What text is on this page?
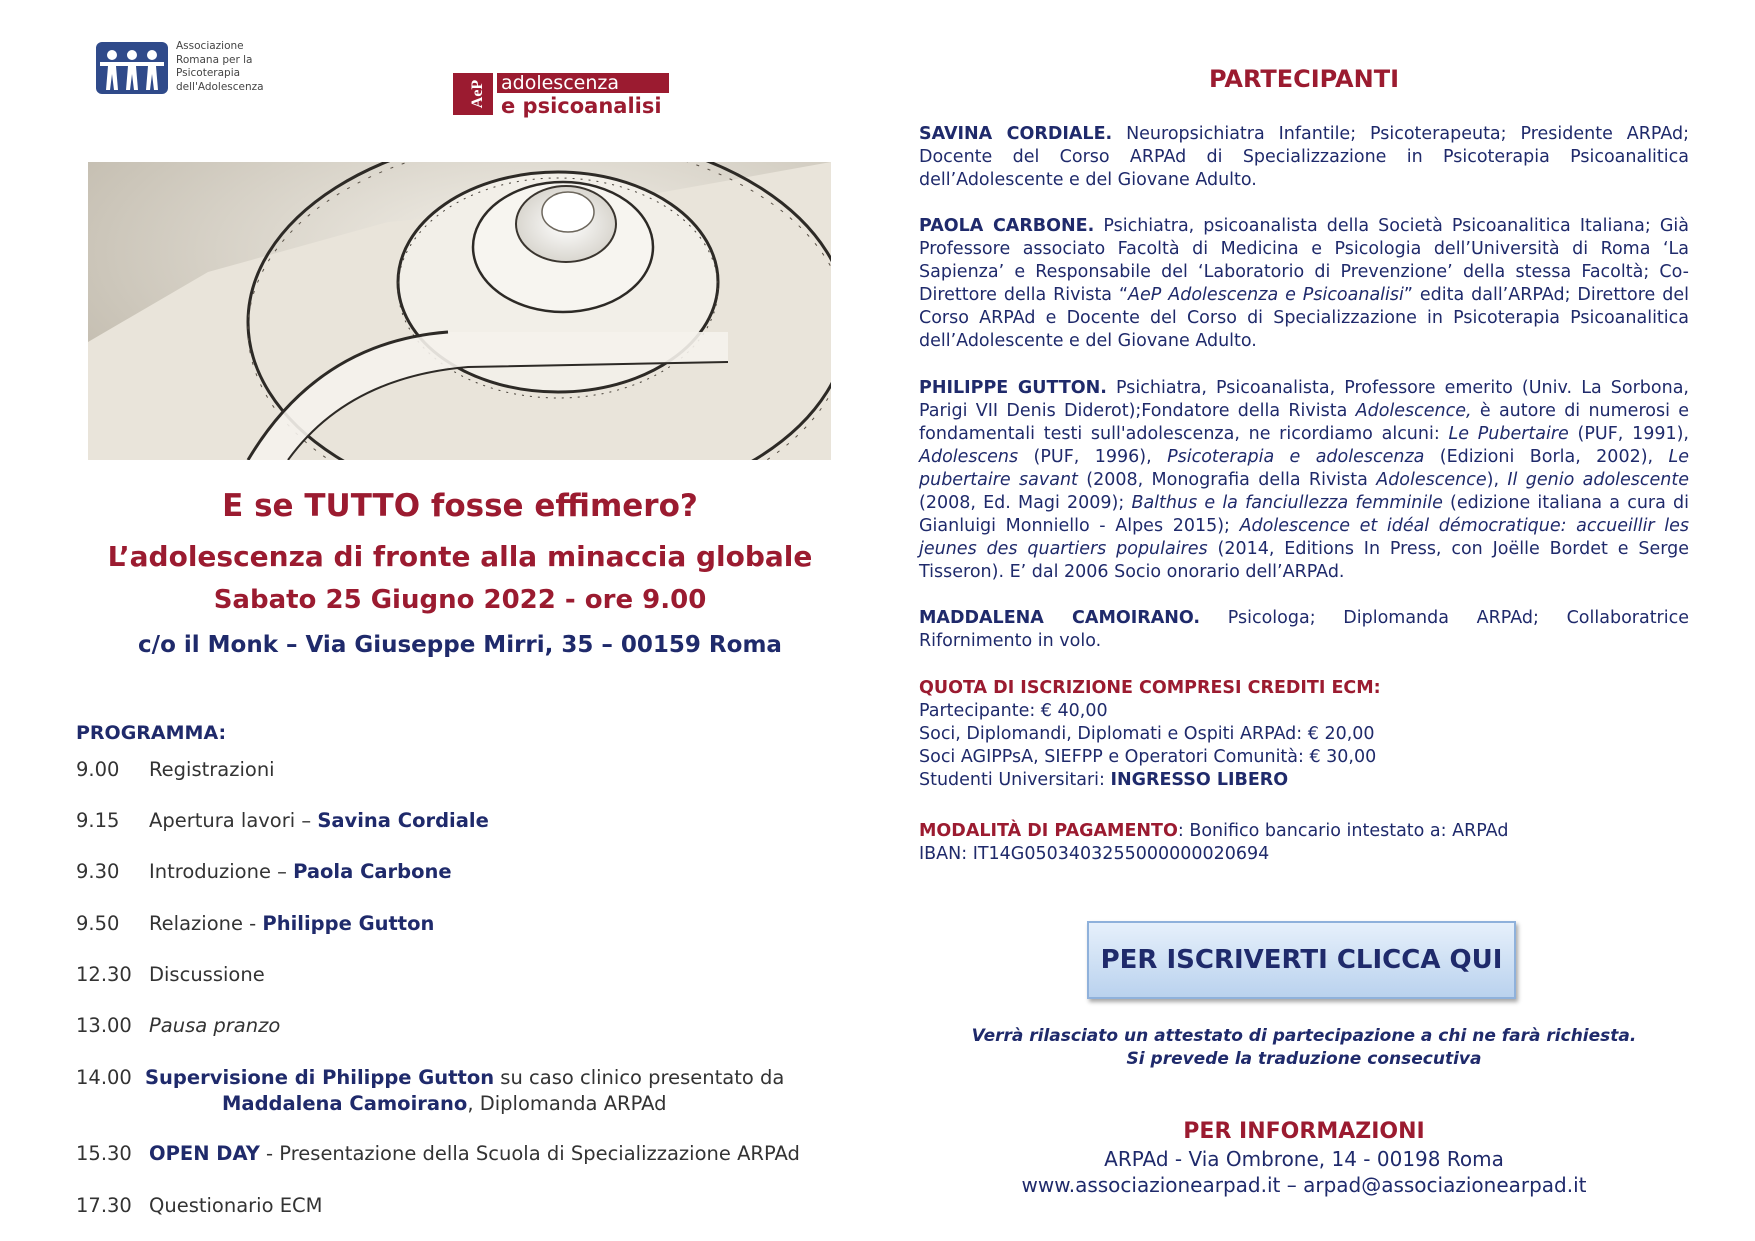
Associazione
Romana per la
Psicoterapia
dell'Adolescenza	AeP adolescenza
e psicoanalisi
E se TUTTO fosse effimero?
L’adolescenza di fronte alla minaccia globale
Sabato 25 Giugno 2022 - ore 9.00
c/o il Monk – Via Giuseppe Mirri, 35 – 00159 Roma
PROGRAMMA:
9.00 Registrazioni
9.15 Apertura lavori – Savina Cordiale
9.30 Introduzione – Paola Carbone
9.50 Relazione - Philippe Gutton
12.30 Discussione
13.00 Pausa pranzo
14.00 Supervisione di Philippe Gutton su caso clinico presentato da
Maddalena Camoirano, Diplomanda ARPAd
15.30 OPEN DAY - Presentazione della Scuola di Specializzazione ARPAd
17.30 Questionario ECM
PARTECIPANTI
SAVINA CORDIALE. Neuropsichiatra Infantile; Psicoterapeuta; Presidente ARPAd; Docente del Corso ARPAd di Specializzazione in Psicoterapia Psicoanalitica dell’Adolescente e del Giovane Adulto.
PAOLA CARBONE. Psichiatra, psicoanalista della Società Psicoanalitica Italiana; Già Professore associato Facoltà di Medicina e Psicologia dell’Università di Roma ‘La Sapienza’ e Responsabile del ‘Laboratorio di Prevenzione’ della stessa Facoltà; Co-Direttore della Rivista “AeP Adolescenza e Psicoanalisi” edita dall’ARPAd; Direttore del Corso ARPAd e Docente del Corso di Specializzazione in Psicoterapia Psicoanalitica dell’Adolescente e del Giovane Adulto.
PHILIPPE GUTTON. Psichiatra, Psicoanalista, Professore emerito (Univ. La Sorbona, Parigi VII Denis Diderot);Fondatore della Rivista Adolescence, è autore di numerosi e fondamentali testi sull'adolescenza, ne ricordiamo alcuni: Le Pubertaire (PUF, 1991), Adolescens (PUF, 1996), Psicoterapia e adolescenza (Edizioni Borla, 2002), Le pubertaire savant (2008, Monografia della Rivista Adolescence), Il genio adolescente (2008, Ed. Magi 2009); Balthus e la fanciullezza femminile (edizione italiana a cura di Gianluigi Monniello - Alpes 2015); Adolescence et idéal démocratique: accueillir les jeunes des quartiers populaires (2014, Editions In Press, con Joëlle Bordet e Serge Tisseron). E’ dal 2006 Socio onorario dell’ARPAd.
MADDALENA CAMOIRANO. Psicologa; Diplomanda ARPAd; Collaboratrice Rifornimento in volo.
QUOTA DI ISCRIZIONE COMPRESI CREDITI ECM:
Partecipante: € 40,00
Soci, Diplomandi, Diplomati e Ospiti ARPAd: € 20,00
Soci AGIPPsA, SIEFPP e Operatori Comunità: € 30,00
Studenti Universitari: INGRESSO LIBERO
MODALITÀ DI PAGAMENTO: Bonifico bancario intestato a: ARPAd
IBAN: IT14G0503403255000000020694
PER ISCRIVERTI CLICCA QUI
Verrà rilasciato un attestato di partecipazione a chi ne farà richiesta.
Si prevede la traduzione consecutiva
PER INFORMAZIONI
ARPAd - Via Ombrone, 14 - 00198 Roma
www.associazionearpad.it – arpad@associazionearpad.it
